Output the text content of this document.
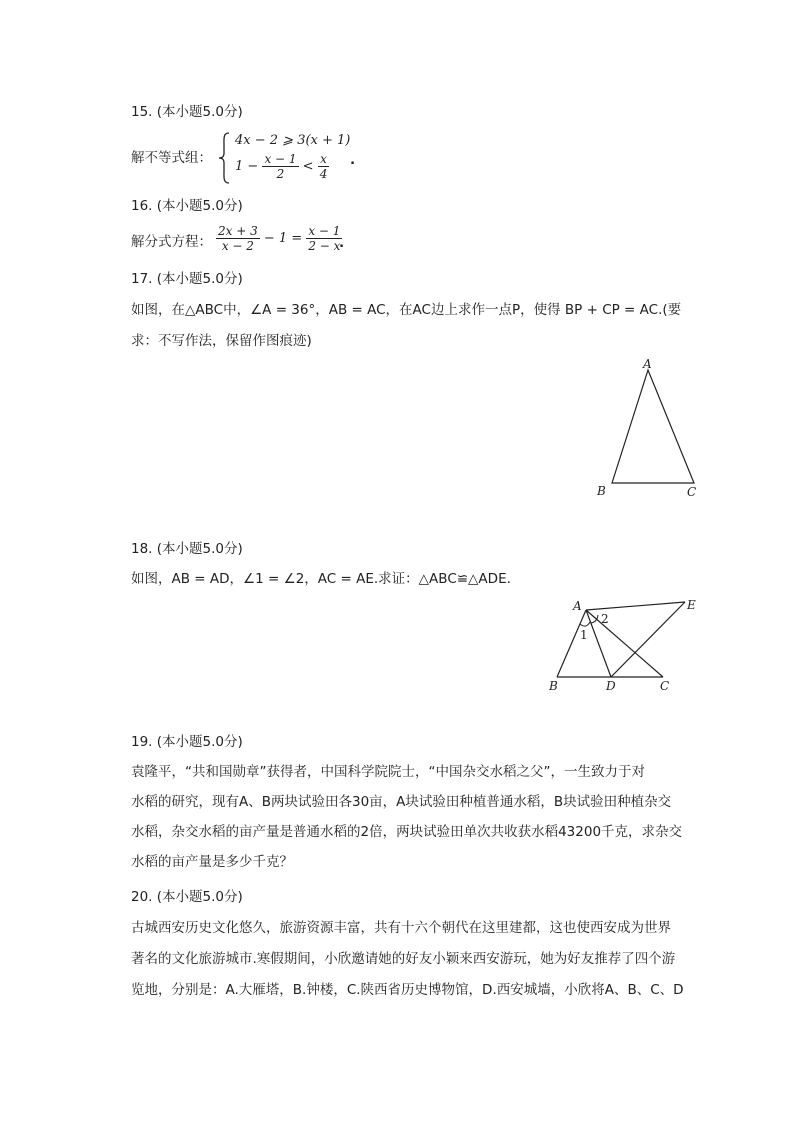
15. (本小题5.0分)
解不等式组：
4x − 2 ⩾ 3(x + 1)
$1 - \frac{x - 1}{2} < \frac{x}{4}$ .
16. (本小题5.0分)
解分式方程： $\frac{2x + 3}{x - 2} - 1 = \frac{x - 1}{2 - x}$
.
17. (本小题5.0分)
如图，在△ABC中，∠A = 36°，AB = AC，在AC边上求作一点P，使得 BP + CP = AC.(要
求：不写作法，保留作图痕迹)
A
B	C
18. (本小题5.0分)
如图，AB = AD，∠1 = ∠2，AC = AE.求证：△ABC≌△ADE.
A
B	D	C
E
1
2
19. (本小题5.0分)
袁隆平，“共和国勋章”获得者，中国科学院院士，“中国杂交水稻之父”，一生致力于对
水稻的研究，现有A、B两块试验田各30亩，A块试验田种植普通水稻，B块试验田种植杂交
水稻，杂交水稻的亩产量是普通水稻的2倍，两块试验田单次共收获水稻43200千克，求杂交
水稻的亩产量是多少千克？
20. (本小题5.0分)
古城西安历史文化悠久，旅游资源丰富，共有十六个朝代在这里建都，这也使西安成为世界
著名的文化旅游城市.寒假期间，小欣邀请她的好友小颖来西安游玩，她为好友推荐了四个游
览地，分别是：A.大雁塔，B.钟楼，C.陕西省历史博物馆，D.西安城墙，小欣将A、B、C、D
